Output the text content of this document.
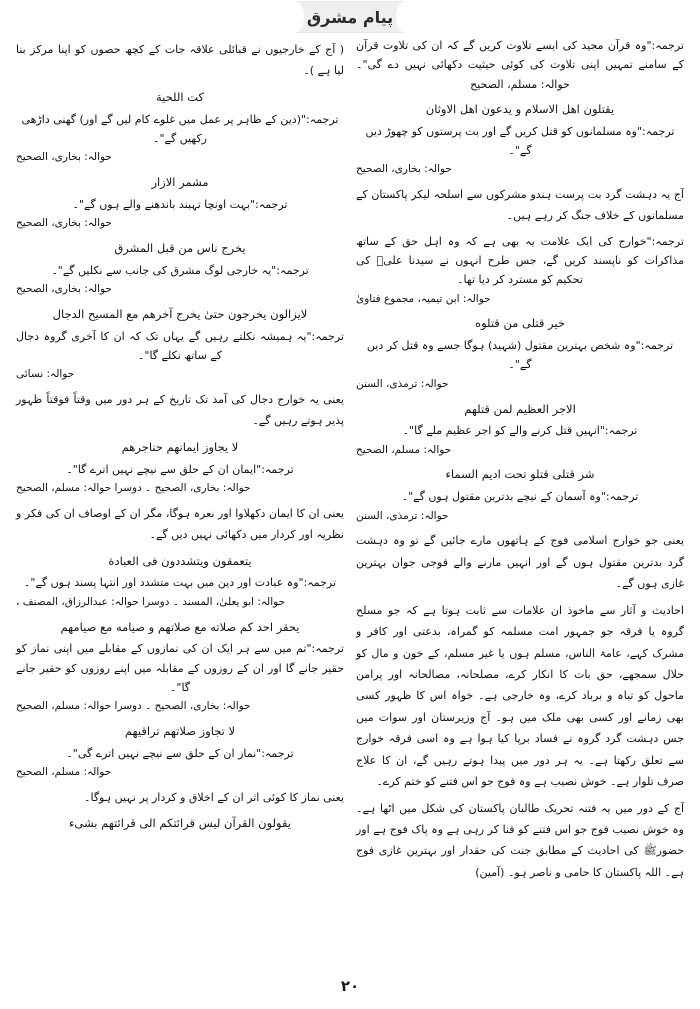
پیام مشرق
( آج کے خارجیوں نے قبائلی علاقہ جات کے کچھ حصوں کو اپنا مرکز بنا لیا ہے )۔
كت اللحية
ترجمہ:"(دین کے ظاہر پر عمل میں غلوے کام لیں گے اور) گھنی داڑھی رکھیں گے"۔
حوالہ: بخاری، الصحیح
مشمر الازار
ترجمہ:"بہت اونچا تہبند باندھنے والے ہوں گے"۔
حوالہ: بخاری، الصحیح
يخرج ناس من قبل المشرق
ترجمہ:"یہ خارجی لوگ مشرق کی جانب سے نکلیں گے"۔
حوالہ: بخاری، الصحیح
لايزالون يخرجون حتىٰ يخرج آخرهم مع المسيح الدجال
ترجمہ:"یہ ہمیشہ نکلتے رہیں گے یہاں تک کہ ان کا آخری گروہ دجال کے ساتھ نکلے گا"۔
حوالہ: نسائی
یعنی یہ خوارج دجال کی آمد تک تاریخ کے ہر دور میں وقتاً فوقتاً ظہور پذیر ہوتے رہیں گے۔
لا يجاوز ايمانهم حناجرهم
ترجمہ:"ایمان ان کے حلق سے نیچے نہیں اترے گا"۔
حوالہ: بخاری، الصحیح ۔ دوسرا حوالہ: مسلم، الصحیح
یعنی ان کا ایمان دکھلاوا اور نعرہ ہوگا، مگر ان کے اوصاف ان کی فکر و نظریہ اور کردار میں دکھائی نہیں دیں گے۔
يتعمقون ويتشددون فى العبادة
ترجمہ:"وہ عبادت اور دین میں بہت متشدد اور انتہا پسند ہوں گے"۔
حوالہ: ابو یعلیٰ، المسند ۔ دوسرا حوالہ: عبدالرزاق، المصنف ،
يحقر احد كم صلاته مع صلاتهم و صيامه مع صيامهم
ترجمہ:"تم میں سے ہر ایک ان کی نمازوں کے مقابلے میں اپنی نماز کو حقیر جانے گا اور ان کے روزوں کے مقابلہ میں اپنے روزوں کو حقیر جانے گا"۔
حوالہ: بخاری، الصحیح ۔ دوسرا حوالہ: مسلم، الصحیح
لا تجاوز صلاتهم تراقيهم
ترجمہ:"نماز ان کے حلق سے نیچے نہیں اترے گی"۔
حوالہ: مسلم، الصحیح
یعنی نماز کا کوئی اثر ان کے اخلاق و کردار پر نہیں ہوگا۔
يقولون القرآن ليس قرائتكم الى قرائتهم بشىء
ترجمہ:"وہ قرآن مجید کی ایسے تلاوت کریں گے کہ ان کی تلاوت قرآن کے سامنے تمہیں اپنی تلاوت کی کوئی حیثیت دکھائی نہیں دے گی"۔ حوالہ: مسلم، الصحیح
يقتلون اهل الاسلام و يدعون اهل الاوثان
ترجمہ:"وہ مسلمانوں کو قتل کریں گے اور بت پرستوں کو چھوڑ دیں گے"۔
حوالہ: بخاری، الصحیح
آج یہ دہشت گرد بت پرست ہندو مشرکوں سے اسلحہ لیکر پاکستان کے مسلمانوں کے خلاف جنگ کر رہے ہیں۔
ترجمہ:"خوارج کی ایک علامت یہ بھی ہے کہ وہ اہل حق کے ساتھ مذاکرات کو ناپسند کریں گے، جس طرح انہوں نے سیدنا علیؓ کی تحکیم کو مسترد کر دیا تھا۔
حوالہ: ابن تیمیہ، مجموع فتاویٰ
خير قتلى من قتلوه
ترجمہ:"وہ شخص بہترین مقتول (شہید) ہوگا جسے وہ قتل کر دیں گے"۔
حوالہ: ترمذی، السنن
الاجر العظيم لمن قتلهم
ترجمہ:"انہیں قتل کرنے والے کو اجر عظیم ملے گا"۔
حوالہ: مسلم، الصحیح
شر قتلى قتلو تحت اديم السماء
ترجمہ:"وہ آسمان کے نیچے بدترین مقتول ہوں گے"۔
حوالہ: ترمذی، السنن
یعنی جو خوارج اسلامی فوج کے ہاتھوں مارے جائیں گے تو وہ دہشت گرد بدترین مقتول ہوں گے اور انہیں مارنے والے فوجی جوان بہترین غازی ہوں گے۔
احادیث و آثار سے ماخوذ ان علامات سے ثابت ہوتا ہے کہ جو مسلح گروہ یا فرقہ جو جمہور امت مسلمہ کو گمراہ، بدعتی اور کافر و مشرک کہے، عامۃ الناس، مسلم ہوں یا غیر مسلم، کے خون و مال کو حلال سمجھے، حق بات کا انکار کرے، مصلحانہ، مصالحانہ اور پرامن ماحول کو تباہ و برباد کرے، وہ خارجی ہے۔ خواہ اس کا ظہور کسی بھی زمانے اور کسی بھی ملک میں ہو۔ آج وزیرستان اور سوات میں جس دہشت گرد گروہ نے فساد برپا کیا ہوا ہے وہ اسی فرقہ خوارج سے تعلق رکھتا ہے۔ یہ ہر دور میں پیدا ہوتے رہیں گے، ان کا علاج صرف تلوار ہے۔ خوش نصیب ہے وہ فوج جو اس فتنے کو ختم کرے۔
آج کے دور میں یہ فتنہ تحریک طالبان پاکستان کی شکل میں اٹھا ہے۔ وہ خوش نصیب فوج جو اس فتنے کو فنا کر رہی ہے وہ پاک فوج ہے اور حضورﷺ کی احادیث کے مطابق جنت کی حقدار اور بہترین غازی فوج ہے۔ اللہ پاکستان کا حامی و ناصر ہو۔ (آمین)
٢٠
